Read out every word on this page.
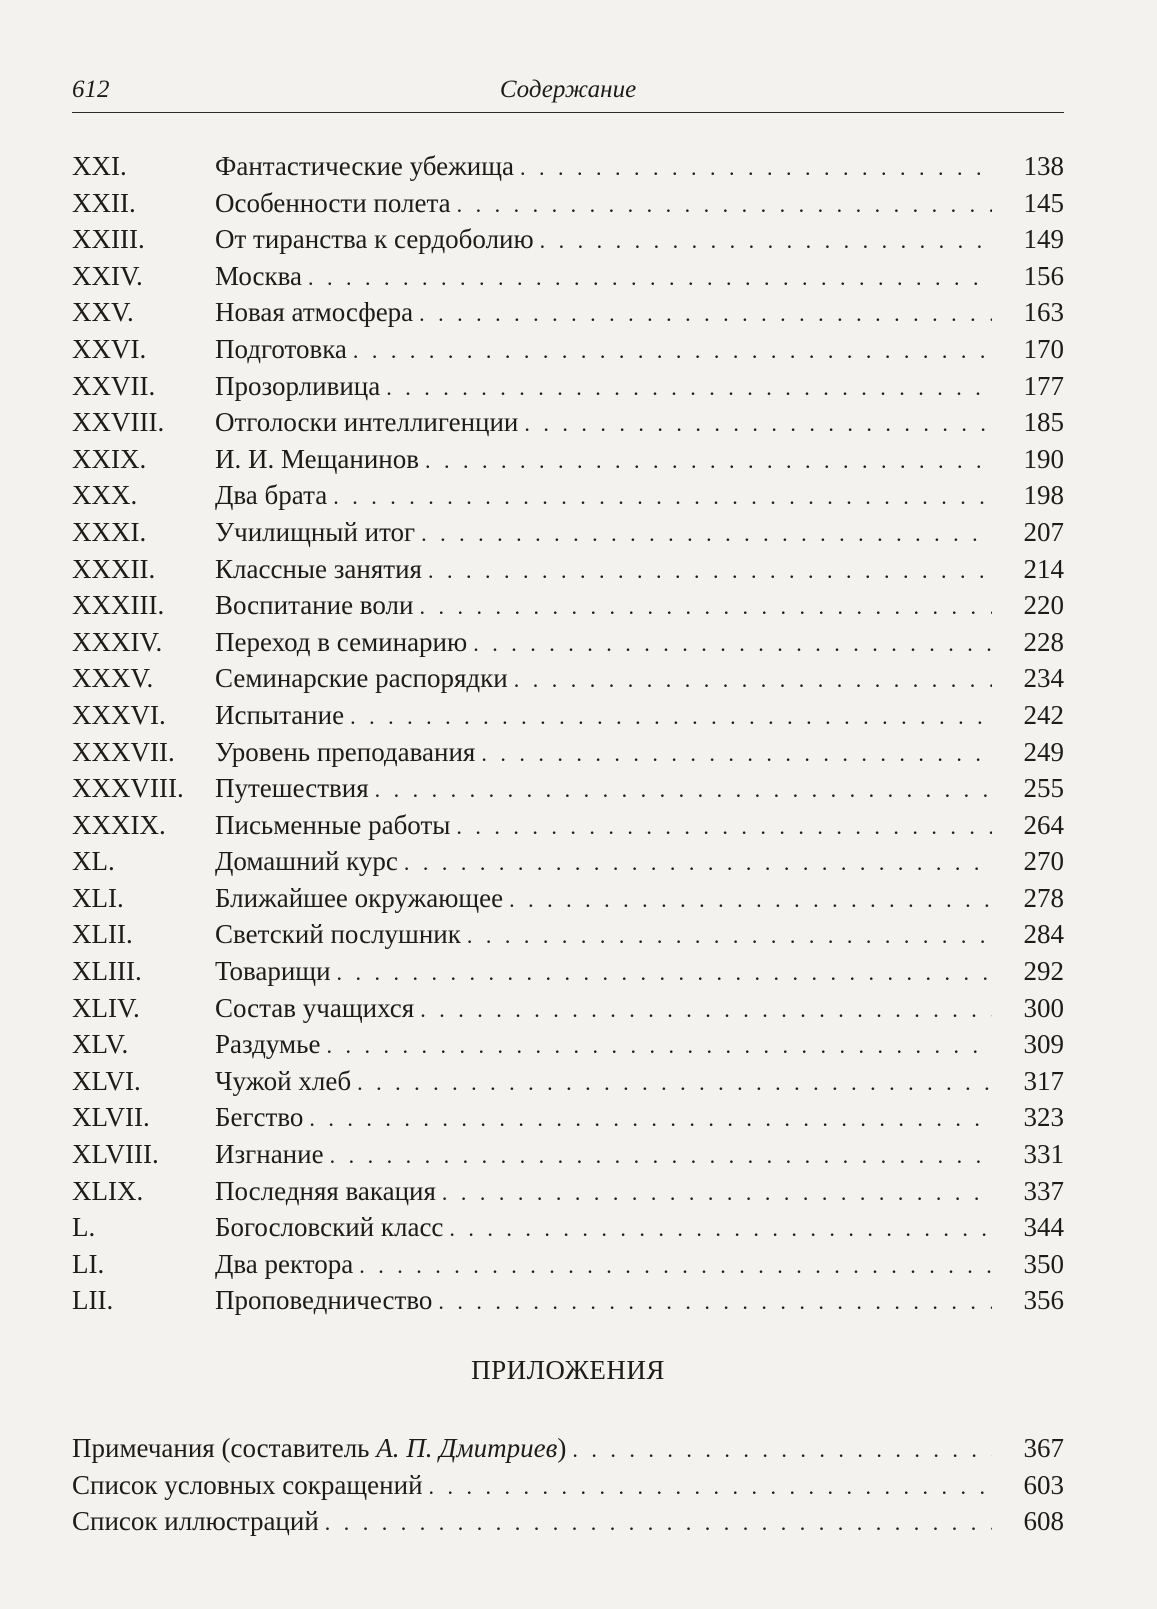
612	Содержание
XXI.	Фантастические убежища . . .	138
XXII.	Особенности полета . . .	145
XXIII.	От тиранства к сердоболию . . .	149
XXIV.	Москва . . .	156
XXV.	Новая атмосфера . . .	163
XXVI.	Подготовка . . .	170
XXVII.	Прозорливица . . .	177
XXVIII.	Отголоски интеллигенции . . .	185
XXIX.	И. И. Мещанинов . . .	190
XXX.	Два брата . . .	198
XXXI.	Училищный итог . . .	207
XXXII.	Классные занятия . . .	214
XXXIII.	Воспитание воли . . .	220
XXXIV.	Переход в семинарию . . .	228
XXXV.	Семинарские распорядки . . .	234
XXXVI.	Испытание . . .	242
XXXVII.	Уровень преподавания . . .	249
XXXVIII.	Путешествия . . .	255
XXXIX.	Письменные работы . . .	264
XL.	Домашний курс . . .	270
XLI.	Ближайшее окружающее . . .	278
XLII.	Светский послушник . . .	284
XLIII.	Товарищи . . .	292
XLIV.	Состав учащихся . . .	300
XLV.	Раздумье . . .	309
XLVI.	Чужой хлеб . . .	317
XLVII.	Бегство . . .	323
XLVIII.	Изгнание . . .	331
XLIX.	Последняя вакация . . .	337
L.	Богословский класс . . .	344
LI.	Два ректора . . .	350
LII.	Проповедничество . . .	356
ПРИЛОЖЕНИЯ
Примечания (составитель А. П. Дмитриев) . . .	367
Список условных сокращений . . .	603
Список иллюстраций . . .	608
